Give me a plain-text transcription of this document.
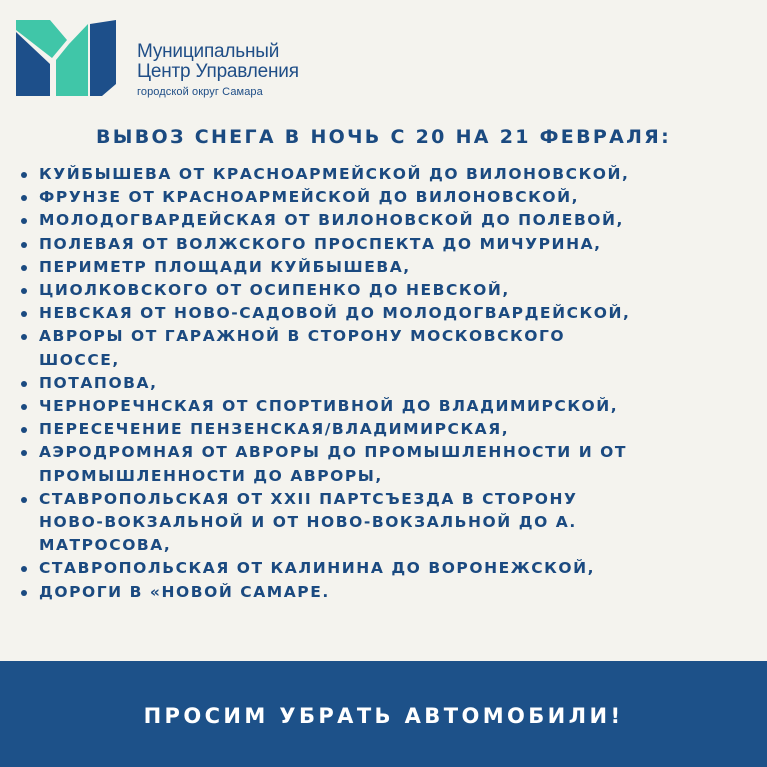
Муниципальный
Центр Управления
городской округ Самара
ВЫВОЗ СНЕГА В НОЧЬ С 20 НА 21 ФЕВРАЛЯ:
КУЙБЫШЕВА ОТ КРАСНОАРМЕЙСКОЙ ДО ВИЛОНОВСКОЙ,
ФРУНЗЕ ОТ КРАСНОАРМЕЙСКОЙ ДО ВИЛОНОВСКОЙ,
МОЛОДОГВАРДЕЙСКАЯ ОТ ВИЛОНОВСКОЙ ДО ПОЛЕВОЙ,
ПОЛЕВАЯ ОТ ВОЛЖСКОГО ПРОСПЕКТА ДО МИЧУРИНА,
ПЕРИМЕТР ПЛОЩАДИ КУЙБЫШЕВА,
ЦИОЛКОВСКОГО ОТ ОСИПЕНКО ДО НЕВСКОЙ,
НЕВСКАЯ ОТ НОВО-САДОВОЙ ДО МОЛОДОГВАРДЕЙСКОЙ,
АВРОРЫ ОТ ГАРАЖНОЙ В СТОРОНУ МОСКОВСКОГО
ШОССЕ,
ПОТАПОВА,
ЧЕРНОРЕЧНСКАЯ ОТ СПОРТИВНОЙ ДО ВЛАДИМИРСКОЙ,
ПЕРЕСЕЧЕНИЕ ПЕНЗЕНСКАЯ/ВЛАДИМИРСКАЯ,
АЭРОДРОМНАЯ ОТ АВРОРЫ ДО ПРОМЫШЛЕННОСТИ И ОТ
ПРОМЫШЛЕННОСТИ ДО АВРОРЫ,
СТАВРОПОЛЬСКАЯ ОТ XXII ПАРТСЪЕЗДА В СТОРОНУ
НОВО-ВОКЗАЛЬНОЙ И ОТ НОВО-ВОКЗАЛЬНОЙ ДО А.
МАТРОСОВА,
СТАВРОПОЛЬСКАЯ ОТ КАЛИНИНА ДО ВОРОНЕЖСКОЙ,
ДОРОГИ В «НОВОЙ САМАРЕ.
ПРОСИМ УБРАТЬ АВТОМОБИЛИ!
